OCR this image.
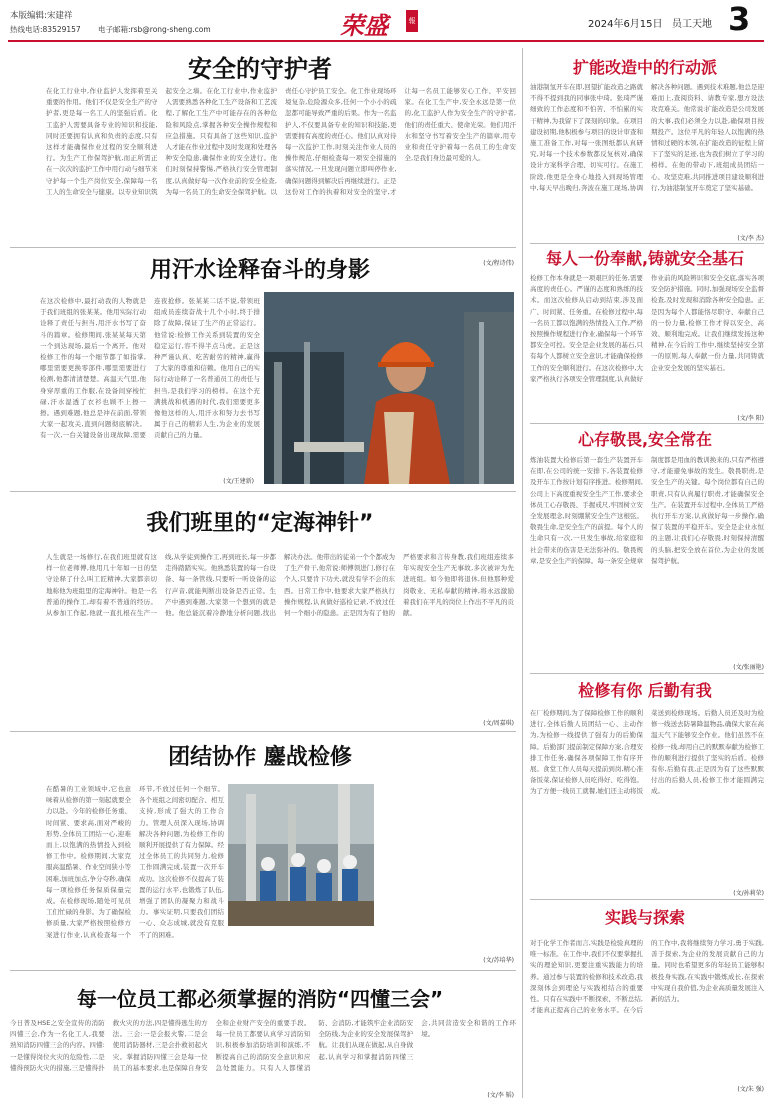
本版编辑:宋建祥
热线电话:83529157 电子邮箱:rsb@rong-sheng.com	荣盛	報	2024年6月15日 员工天地 3
安全的守护者
在化工行业中,作业监护人发挥着至关重要的作用。他们不仅是安全生产的守护者,更是每一名工人的坚强后盾。化工监护人需要具备专业的知识和技能,同时还要拥有认真和负责的态度,只有这样才能确保作业过程的安全顺利进行。为生产工作保驾护航,而正所需正在一次次的监护工作中用行动与细节来守护每一个生产岗位安全,保障每一名工人的生命安全与健康。以专业知识筑起安全之墙。在化工行业中,作业监护人需要熟悉各种化工生产设备和工艺流程,了解化工生产中可能存在的各种危险和风险点,掌握各种安全操作规程和应急措施。只有具备了这些知识,监护人才能在作业过程中及时发现和处理各种安全隐患,确保作业的安全进行。他们时刻保持警惕,严格执行安全管理制度,认真做好每一次作业前的安全检查,为每一名员工的生命安全保驾护航。以责任心守护员工安全。化工作业现场环境复杂,危险源众多,任何一个小小的疏忽都可能导致严重的后果。作为一名监护人,不仅要具备专业的知识和技能,更需要拥有高度的责任心。他们认真对待每一次监护工作,时刻关注作业人员的操作规范,仔细检查每一项安全措施的落实情况,一旦发现问题立即叫停作业,确保问题得到解决后再继续进行。正是这份对工作的执着和对安全的坚守,才让每一名员工能够安心工作、平安回家。在化工生产中,安全永远是第一位的,化工监护人作为安全生产的守护者,他们的责任重大、使命光荣。他们用汗水和坚守书写着安全生产的篇章,用专业和责任守护着每一名员工的生命安全,是我们身边最可爱的人。
(文/程诗伟)
用汗水诠释奋斗的身影
在这次检修中,最打动我的人物就是于我们班组的张某某。他用实际行动诠释了责任与担当,用汗水书写了奋斗的篇章。检修期间,张某某每天第一个到达现场,最后一个离开。他对检修工作的每一个细节都了如指掌,哪里需要更换零部件,哪里需要进行检测,他都清清楚楚。高温天气里,他身穿厚重的工作服,在设备间穿梭忙碌,汗水湿透了衣衫也顾不上擦一擦。遇到难题,他总是冲在前面,带领大家一起攻关,直到问题彻底解决。有一次,一台关键设备出现故障,需要连夜抢修。张某某二话不说,带领班组成员连续奋战十几个小时,终于排除了故障,保证了生产的正常运行。他常说:检修工作关系到装置的安全稳定运行,容不得半点马虎。正是这种严谨认真、吃苦耐劳的精神,赢得了大家的尊重和信赖。他用自己的实际行动诠释了一名普通员工的责任与担当,是我们学习的榜样。在这个充满挑战和机遇的时代,我们需要更多像他这样的人,用汗水和努力去书写属于自己的精彩人生,为企业的发展贡献自己的力量。
(文/王建新)
我们班里的“定海神针”
人生就是一场修行,在我们班里就有这样一位老师傅,他用几十年如一日的坚守诠释了什么叫工匠精神,大家都亲切地称他为班组里的定海神针。他是一名普通的操作工,却有着不普通的经历。从参加工作起,他就一直扎根在生产一线,从学徒到操作工,再到班长,每一步都走得踏踏实实。他熟悉装置的每一台设备、每一条管线,只要听一听设备的运行声音,就能判断出设备是否正常。生产中遇到难题,大家第一个想到的就是他。他总能沉着冷静地分析问题,找出解决办法。他带出的徒弟一个个都成为了生产骨干,他常说:师傅领进门,修行在个人,只要肯下功夫,就没有学不会的东西。日常工作中,他要求大家严格执行操作规程,认真做好巡检记录,不放过任何一个细小的隐患。正是因为有了他的严格要求和言传身教,我们班组连续多年实现安全生产无事故,多次被评为先进班组。如今他即将退休,但他那种爱岗敬业、无私奉献的精神,将永远激励着我们在平凡的岗位上作出不平凡的贡献。
(文/周嘉琪)
团结协作 鏖战检修
在酷暑的工业领域中,它也意味着从检修的第一刻起就要全力以赴。今年的检修任务重、时间紧、要求高,面对严峻的形势,全体员工团结一心,迎难而上,以饱满的热情投入到检修工作中。检修期间,大家克服高温酷暑、作业空间狭小等困难,加班加点,争分夺秒,确保每一项检修任务保质保量完成。在检修现场,随处可见员工们忙碌的身影。为了确保检修质量,大家严格按照检修方案进行作业,认真检查每一个环节,不放过任何一个细节。各个班组之间密切配合、相互支持,形成了强大的工作合力。管理人员深入现场,协调解决各种问题,为检修工作的顺利开展提供了有力保障。经过全体员工的共同努力,检修工作圆满完成,装置一次开车成功。这次检修不仅提高了装置的运行水平,也锻炼了队伍,增强了团队的凝聚力和战斗力。事实证明,只要我们团结一心、众志成城,就没有克服不了的困难。
(文/苏培华)
每一位员工都必须掌握的消防“四懂三会”
今日普及HSE之安全宣传的消防四懂三会,作为一名化工人,我要熟知消防四懂三会的内容。四懂:一是懂得岗位火灾的危险性,二是懂得预防火灾的措施,三是懂得扑救火灾的方法,四是懂得逃生的方法。三会:一是会报火警,二是会使用消防器材,三是会扑救初起火灾。掌握消防四懂三会是每一位员工的基本要求,也是保障自身安全和企业财产安全的重要手段。每一位员工都要认真学习消防知识,积极参加消防培训和演练,不断提高自己的消防安全意识和应急处置能力。只有人人都懂消防、会消防,才能筑牢企业消防安全防线,为企业的安全发展保驾护航。让我们从现在做起,从自身做起,认真学习和掌握消防四懂三会,共同营造安全和谐的工作环境。
(文/李 韬)
扩能改造中的行动派
油港制氢开车在即,回望扩能改造之路就不得不提到我的同事张中琦。张琦严谨细致的工作态度和不怕苦、不怕累的实干精神,为我留下了深刻的印象。在项目建设初期,他积极参与项目的设计审查和施工准备工作,对每一张图纸都认真研究,对每一个技术参数都反复核对,确保设计方案科学合理、切实可行。在施工阶段,他更是全身心地投入到现场管理中,每天早出晚归,奔波在施工现场,协调解决各种问题。遇到技术难题,他总是迎难而上,查阅资料、请教专家,想方设法攻克难关。他常说:扩能改造是公司发展的大事,我们必须全力以赴,确保项目按期投产。这位平凡的年轻人以饱满的热情和过硬的本领,在扩能改造的征程上留下了坚实的足迹,也为我们树立了学习的榜样。在他的带动下,班组成员团结一心、攻坚克难,共同推进项目建设顺利进行,为油港制氢开车奠定了坚实基础。
(文/李 杰)
每人一份奉献,铸就安全基石
检修工作本身就是一项艰巨的任务,需要高度的责任心。严谨的态度和熟练的技术。而这次检修从启动到结束,涉及面广、时间紧、任务重。在检修过程中,每一名员工都以饱满的热情投入工作,严格按照操作规程进行作业,确保每一个环节都安全可控。安全是企业发展的基石,只有每个人都树立安全意识,才能确保检修工作的安全顺利进行。在这次检修中,大家严格执行各项安全管理制度,认真做好作业前的风险辨识和安全交底,落实各项安全防护措施。同时,加强现场安全监督检查,及时发现和消除各种安全隐患。正是因为每个人都能恪尽职守、奉献自己的一份力量,检修工作才得以安全、高效、顺利地完成。让我们继续发扬这种精神,在今后的工作中,继续坚持安全第一的原则,每人奉献一份力量,共同铸就企业安全发展的坚实基石。
(文/李 阳)
心存敬畏,安全常在
炼油装置大检修后第一套生产装置开车在即,在公司的统一安排下,各装置检修及开车工作按计划有序推进。检修期间,公司上下高度重视安全生产工作,要求全体员工心存敬畏、手握戒尺,牢固树立安全发展理念,时刻绷紧安全生产这根弦。敬畏生命,是安全生产的前提。每个人的生命只有一次,一旦发生事故,给家庭和社会带来的伤害是无法弥补的。敬畏规章,是安全生产的保障。每一条安全规章制度都是用血的教训换来的,只有严格遵守,才能避免事故的发生。敬畏职责,是安全生产的关键。每个岗位都有自己的职责,只有认真履行职责,才能确保安全生产。在装置开车过程中,全体员工严格执行开车方案,认真做好每一步操作,确保了装置的平稳开车。安全是企业永恒的主题,让我们心存敬畏,时刻保持清醒的头脑,把安全放在首位,为企业的发展保驾护航。
(文/张丽艳)
检修有你 后勤有我
在厂检修期间,为了保障检修工作的顺利进行,全体后勤人员团结一心、主动作为,为检修一线提供了强有力的后勤保障。后勤部门提前制定保障方案,合理安排工作任务,确保各项保障工作有序开展。食堂工作人员每天提前到岗,精心准备饭菜,保证检修人员吃得好、吃得饱。为了方便一线员工就餐,她们还主动将饭菜送到检修现场。后勤人员还及时为检修一线送去防暑降温物品,确保大家在高温天气下能够安全作业。他们虽然不在检修一线,却用自己的默默奉献为检修工作的顺利进行提供了坚实的后盾。检修有你,后勤有我,正是因为有了这些默默付出的后勤人员,检修工作才能圆满完成。
(文/孙莉荣)
实践与探索
对于化学工作者而言,实践是检验真理的唯一标准。在工作中,我们不仅要掌握扎实的理论知识,更要注重实践能力的培养。通过参与装置的检修和技术改造,我深刻体会到理论与实践相结合的重要性。只有在实践中不断探索、不断总结,才能真正提高自己的业务水平。在今后的工作中,我将继续努力学习,勇于实践,善于探索,为企业的发展贡献自己的力量。同时也希望更多的年轻员工能够积极投身实践,在实践中锻炼成长,在探索中实现自我价值,为企业高质量发展注入新的活力。
(文/朱 强)
